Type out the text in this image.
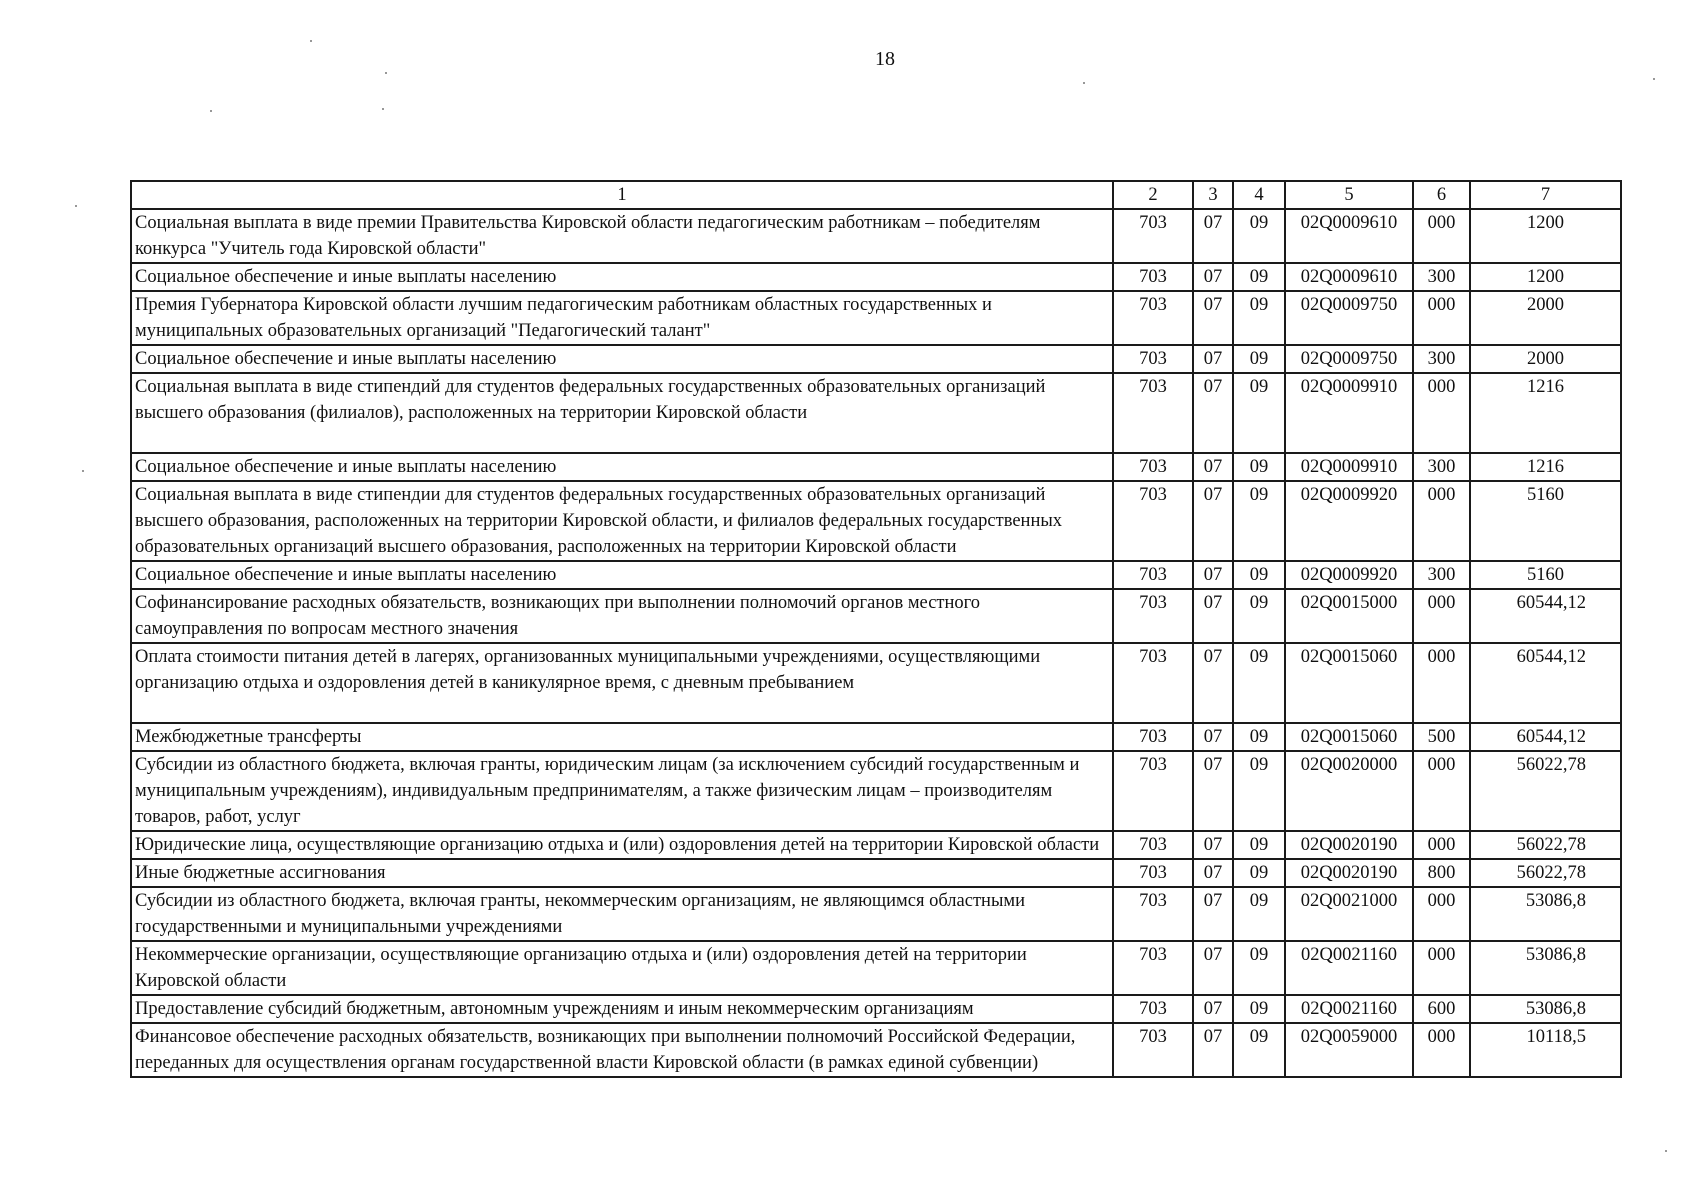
18
1	2	3	4	5	6	7
Социальная выплата в виде премии Правительства Кировской области педагогическим работникам – победителям конкурса "Учитель года Кировской области"	703	07	09	02Q0009610	000	1200
Социальное обеспечение и иные выплаты населению	703	07	09	02Q0009610	300	1200
Премия Губернатора Кировской области лучшим педагогическим работникам областных государственных и муниципальных образовательных организаций "Педагогический талант"	703	07	09	02Q0009750	000	2000
Социальное обеспечение и иные выплаты населению	703	07	09	02Q0009750	300	2000
Социальная выплата в виде стипендий для студентов федеральных государственных образовательных организаций высшего образования (филиалов), расположенных на территории Кировской области	703	07	09	02Q0009910	000	1216
Социальное обеспечение и иные выплаты населению	703	07	09	02Q0009910	300	1216
Социальная выплата в виде стипендии для студентов федеральных государственных образовательных организаций высшего образования, расположенных на территории Кировской области, и филиалов федеральных государственных образовательных организаций высшего образования, расположенных на территории Кировской области	703	07	09	02Q0009920	000	5160
Социальное обеспечение и иные выплаты населению	703	07	09	02Q0009920	300	5160
Софинансирование расходных обязательств, возникающих при выполнении полномочий органов местного самоуправления по вопросам местного значения	703	07	09	02Q0015000	000	60544,12
Оплата стоимости питания детей в лагерях, организованных муниципальными учреждениями, осуществляющими организацию отдыха и оздоровления детей в каникулярное время, с дневным пребыванием	703	07	09	02Q0015060	000	60544,12
Межбюджетные трансферты	703	07	09	02Q0015060	500	60544,12
Субсидии из областного бюджета, включая гранты, юридическим лицам (за исключением субсидий государственным и муниципальным учреждениям), индивидуальным предпринимателям, а также физическим лицам – производителям товаров, работ, услуг	703	07	09	02Q0020000	000	56022,78
Юридические лица, осуществляющие организацию отдыха и (или) оздоровления детей на территории Кировской области	703	07	09	02Q0020190	000	56022,78
Иные бюджетные ассигнования	703	07	09	02Q0020190	800	56022,78
Субсидии из областного бюджета, включая гранты, некоммерческим организациям, не являющимся областными государственными и муниципальными учреждениями	703	07	09	02Q0021000	000	53086,8
Некоммерческие организации, осуществляющие организацию отдыха и (или) оздоровления детей на территории Кировской области	703	07	09	02Q0021160	000	53086,8
Предоставление субсидий бюджетным, автономным учреждениям и иным некоммерческим организациям	703	07	09	02Q0021160	600	53086,8
Финансовое обеспечение расходных обязательств, возникающих при выполнении полномочий Российской Федерации, переданных для осуществления органам государственной власти Кировской области (в рамках единой субвенции)	703	07	09	02Q0059000	000	10118,5
